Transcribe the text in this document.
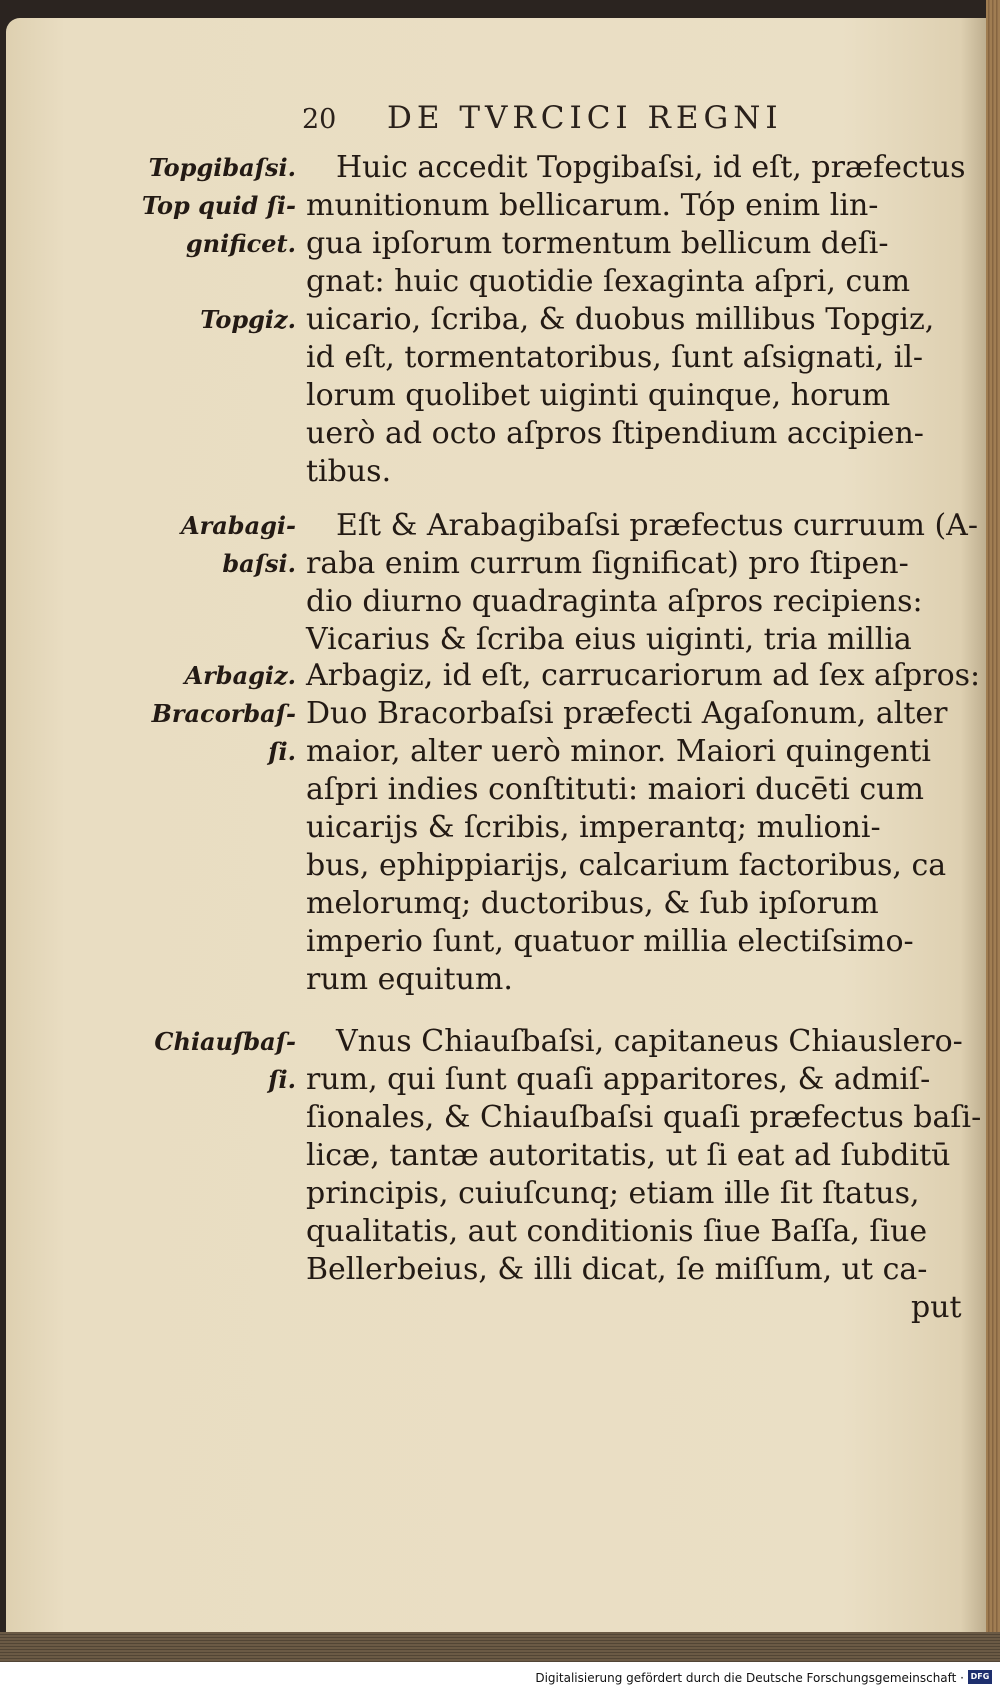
20 DE TVRCICI REGNI
Topgibaſsi.
Top quid ſi-
gnificet.
Topgiz.
Arabagi-
baſsi.
Arbagiz.
Bracorbaſ-
ſi.
Chiauſbaſ-
ſi.
Huic accedit Topgibaſsi, id eſt, præfectus
munitionum bellicarum. Tóp enim lin-
gua ipſorum tormentum bellicum deſi-
gnat: huic quotidie ſexaginta aſpri, cum
uicario, ſcriba, & duobus millibus Topgiz,
id eſt, tormentatoribus, ſunt aſsignati, il-
lorum quolibet uiginti quinque, horum
uerò ad octo aſpros ſtipendium accipien-
tibus.
Eſt & Arabagibaſsi præfectus curruum (A-
raba enim currum ſignificat) pro ſtipen-
dio diurno quadraginta aſpros recipiens:
Vicarius & ſcriba eius uiginti, tria millia
Arbagiz, id eſt, carrucariorum ad ſex aſpros:
Duo Bracorbaſsi præfecti Agaſonum, alter
maior, alter uerò minor. Maiori quingenti
aſpri indies conſtituti: maiori ducēti cum
uicarijs & ſcribis, imperantq; mulioni-
bus, ephippiarijs, calcarium factoribus, ca
melorumq; ductoribus, & ſub ipſorum
imperio ſunt, quatuor millia electiſsimo-
rum equitum.
Vnus Chiauſbaſsi, capitaneus Chiauslero-
rum, qui ſunt quaſi apparitores, & admiſ-
ſionales, & Chiauſbaſsi quaſi præfectus baſi-
licæ, tantæ autoritatis, ut ſi eat ad ſubditū
principis, cuiuſcunq; etiam ille ſit ſtatus,
qualitatis, aut conditionis ſiue Baſſa, ſiue
Bellerbeius, & illi dicat, ſe miſſum, ut ca-
put
Digitalisierung gefördert durch die Deutsche Forschungsgemeinschaft · DFG
